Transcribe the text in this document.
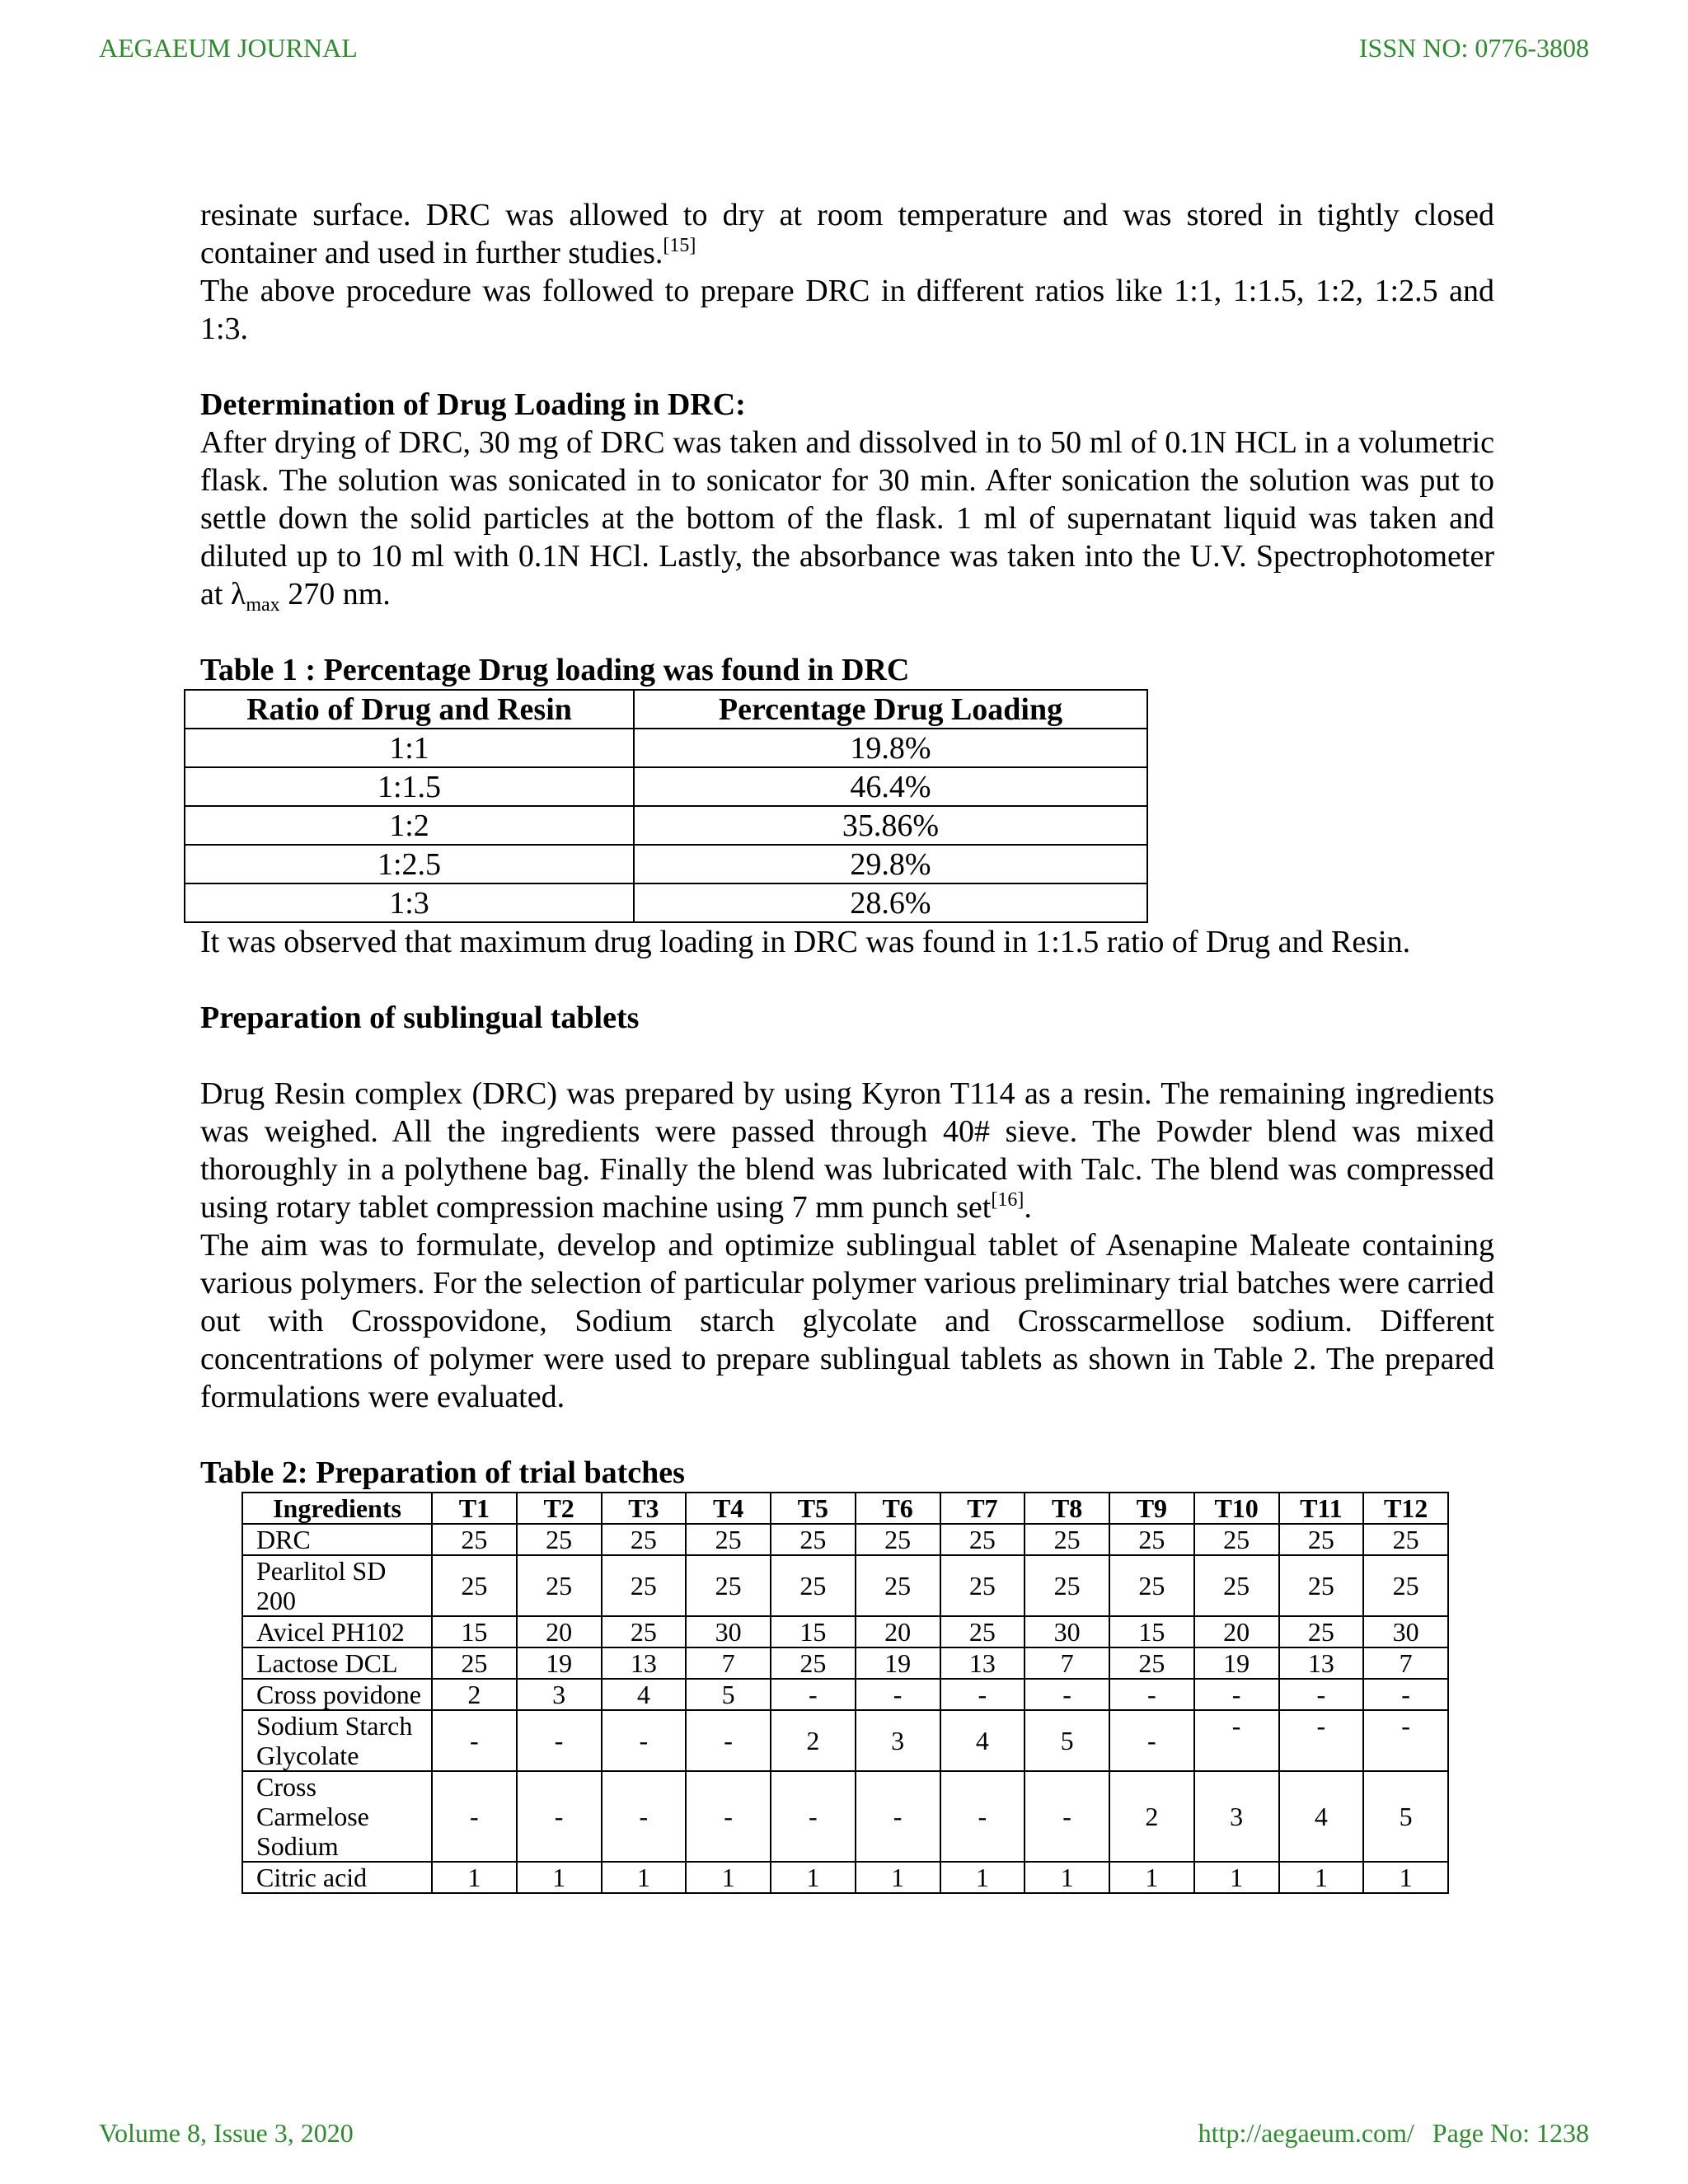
AEGAEUM JOURNAL	ISSN NO: 0776-3808

resinate surface. DRC was allowed to dry at room temperature and was stored in tightly closed container and used in further studies.[15]

The above procedure was followed to prepare DRC in different ratios like 1:1, 1:1.5, 1:2, 1:2.5 and 1:3.

Determination of Drug Loading in DRC:

After drying of DRC, 30 mg of DRC was taken and dissolved in to 50 ml of 0.1N HCL in a volumetric flask. The solution was sonicated in to sonicator for 30 min. After sonication the solution was put to settle down the solid particles at the bottom of the flask. 1 ml of supernatant liquid was taken and diluted up to 10 ml with 0.1N HCl. Lastly, the absorbance was taken into the U.V. Spectrophotometer at $\lambda_{max}$ 270 nm.

Table 1 : Percentage Drug loading was found in DRC
Ratio of Drug and Resin	Percentage Drug Loading
1:1	19.8%
1:1.5	46.4%
1:2	35.86%
1:2.5	29.8%
1:3	28.6%

It was observed that maximum drug loading in DRC was found in 1:1.5 ratio of Drug and Resin.

Preparation of sublingual tablets

Drug Resin complex (DRC) was prepared by using Kyron T114 as a resin. The remaining ingredients was weighed. All the ingredients were passed through 40# sieve. The Powder blend was mixed thoroughly in a polythene bag. Finally the blend was lubricated with Talc. The blend was compressed using rotary tablet compression machine using 7 mm punch set[16].

The aim was to formulate, develop and optimize sublingual tablet of Asenapine Maleate containing various polymers. For the selection of particular polymer various preliminary trial batches were carried out with Crosspovidone, Sodium starch glycolate and Crosscarmellose sodium. Different concentrations of polymer were used to prepare sublingual tablets as shown in Table 2. The prepared formulations were evaluated.

Table 2: Preparation of trial batches
Ingredients	T1	T2	T3	T4	T5	T6	T7	T8	T9	T10	T11	T12
DRC	25	25	25	25	25	25	25	25	25	25	25	25
Pearlitol SD 200	25	25	25	25	25	25	25	25	25	25	25	25
Avicel PH102	15	20	25	30	15	20	25	30	15	20	25	30
Lactose DCL	25	19	13	7	25	19	13	7	25	19	13	7
Cross povidone	2	3	4	5	-	-	-	-	-	-	-	-
Sodium Starch Glycolate	-	-	-	-	2	3	4	5	-	-	-	-
Cross Carmelose Sodium	-	-	-	-	-	-	-	-	2	3	4	5
Citric acid	1	1	1	1	1	1	1	1	1	1	1	1
Volume 8, Issue 3, 2020	http://aegaeum.com/ Page No: 1238
